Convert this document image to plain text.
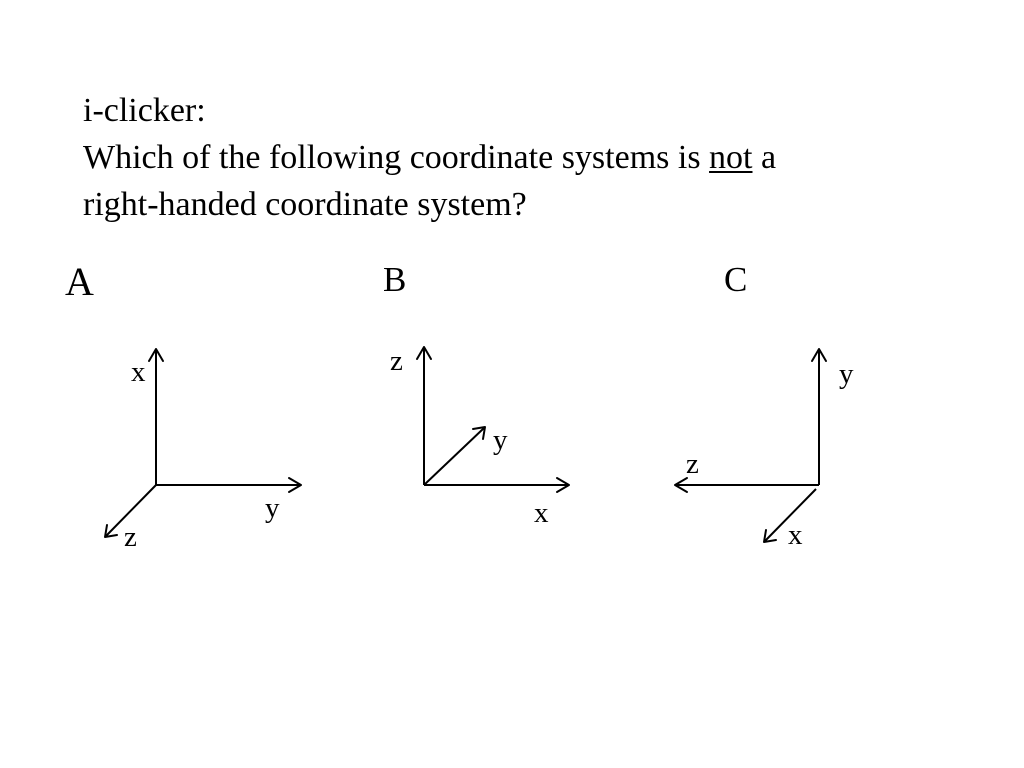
i-clicker:
Which of the following coordinate systems is not a
right-handed coordinate system?
A	B	C
x
y
z
z
y
x
y
z
x
